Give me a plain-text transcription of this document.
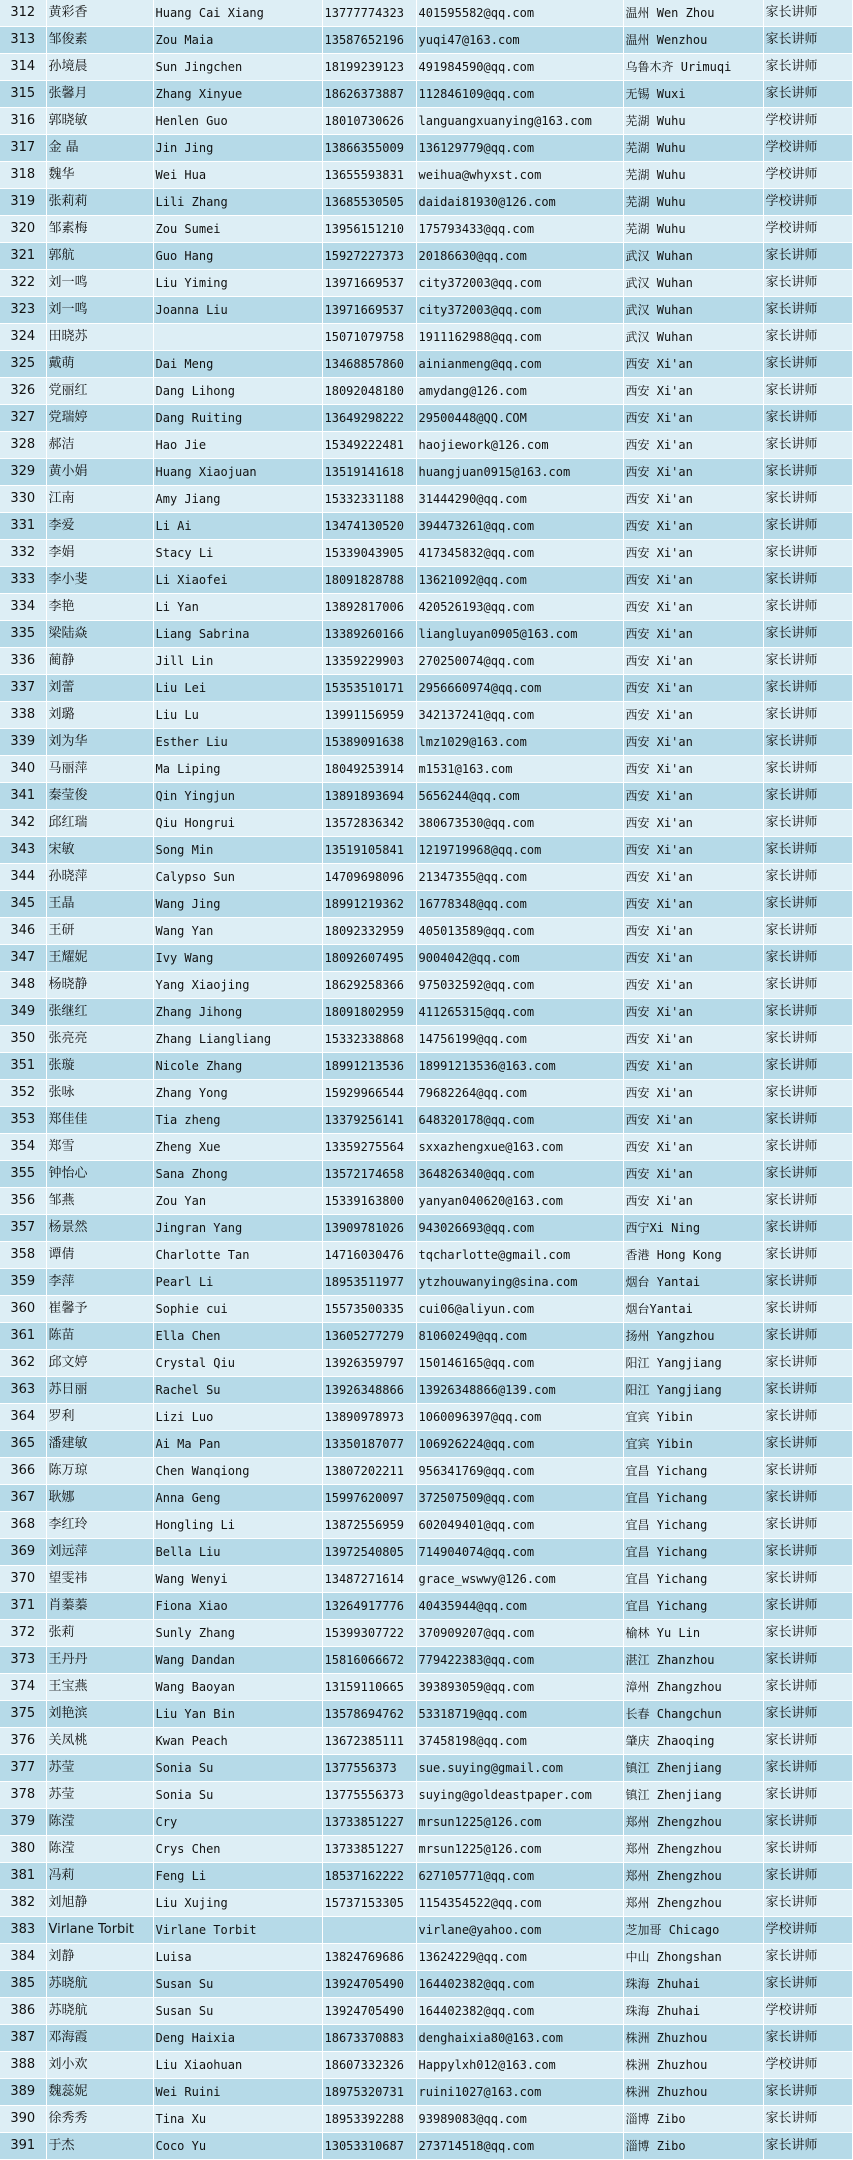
312	黄彩香	Huang Cai Xiang	13777774323	401595582@qq.com	温州 Wen Zhou	家长讲师
313	邹俊素	Zou Maia	13587652196	yuqi47@163.com	温州 Wenzhou	家长讲师
314	孙境晨	Sun Jingchen	18199239123	491984590@qq.com	乌鲁木齐 Urimuqi	家长讲师
315	张馨月	Zhang Xinyue	18626373887	112846109@qq.com	无锡 Wuxi	家长讲师
316	郭晓敏	Henlen Guo	18010730626	languangxuanying@163.com	芜湖 Wuhu	学校讲师
317	金 晶	Jin Jing	13866355009	136129779@qq.com	芜湖 Wuhu	学校讲师
318	魏华	Wei Hua	13655593831	weihua@whyxst.com	芜湖 Wuhu	学校讲师
319	张莉莉	Lili Zhang	13685530505	daidai81930@126.com	芜湖 Wuhu	学校讲师
320	邹素梅	Zou Sumei	13956151210	175793433@qq.com	芜湖 Wuhu	学校讲师
321	郭航	Guo Hang	15927227373	20186630@qq.com	武汉 Wuhan	家长讲师
322	刘一鸣	Liu Yiming	13971669537	city372003@qq.com	武汉 Wuhan	家长讲师
323	刘一鸣	Joanna Liu	13971669537	city372003@qq.com	武汉 Wuhan	家长讲师
324	田晓苏		15071079758	1911162988@qq.com	武汉 Wuhan	家长讲师
325	戴萌	Dai Meng	13468857860	ainianmeng@qq.com	西安 Xi'an	家长讲师
326	党丽红	Dang Lihong	18092048180	amydang@126.com	西安 Xi'an	家长讲师
327	党瑞婷	Dang Ruiting	13649298222	29500448@QQ.COM	西安 Xi'an	家长讲师
328	郝洁	Hao Jie	15349222481	haojiework@126.com	西安 Xi'an	家长讲师
329	黄小娟	Huang Xiaojuan	13519141618	huangjuan0915@163.com	西安 Xi'an	家长讲师
330	江南	Amy Jiang	15332331188	31444290@qq.com	西安 Xi'an	家长讲师
331	李爱	Li Ai	13474130520	394473261@qq.com	西安 Xi'an	家长讲师
332	李娟	Stacy Li	15339043905	417345832@qq.com	西安 Xi'an	家长讲师
333	李小斐	Li Xiaofei	18091828788	13621092@qq.com	西安 Xi'an	家长讲师
334	李艳	Li Yan	13892817006	420526193@qq.com	西安 Xi'an	家长讲师
335	梁陆焱	Liang Sabrina	13389260166	liangluyan0905@163.com	西安 Xi'an	家长讲师
336	蔺静	Jill Lin	13359229903	270250074@qq.com	西安 Xi'an	家长讲师
337	刘蕾	Liu Lei	15353510171	2956660974@qq.com	西安 Xi'an	家长讲师
338	刘璐	Liu Lu	13991156959	342137241@qq.com	西安 Xi'an	家长讲师
339	刘为华	Esther Liu	15389091638	lmz1029@163.com	西安 Xi'an	家长讲师
340	马丽萍	Ma Liping	18049253914	m1531@163.com	西安 Xi'an	家长讲师
341	秦莹俊	Qin Yingjun	13891893694	5656244@qq.com	西安 Xi'an	家长讲师
342	邱红瑞	Qiu Hongrui	13572836342	380673530@qq.com	西安 Xi'an	家长讲师
343	宋敏	Song Min	13519105841	1219719968@qq.com	西安 Xi'an	家长讲师
344	孙晓萍	Calypso Sun	14709698096	21347355@qq.com	西安 Xi'an	家长讲师
345	王晶	Wang Jing	18991219362	16778348@qq.com	西安 Xi'an	家长讲师
346	王研	Wang Yan	18092332959	405013589@qq.com	西安 Xi'an	家长讲师
347	王耀妮	Ivy Wang	18092607495	9004042@qq.com	西安 Xi'an	家长讲师
348	杨晓静	Yang Xiaojing	18629258366	975032592@qq.com	西安 Xi'an	家长讲师
349	张继红	Zhang Jihong	18091802959	411265315@qq.com	西安 Xi'an	家长讲师
350	张亮亮	Zhang Liangliang	15332338868	14756199@qq.com	西安 Xi'an	家长讲师
351	张璇	Nicole Zhang	18991213536	18991213536@163.com	西安 Xi'an	家长讲师
352	张咏	Zhang Yong	15929966544	79682264@qq.com	西安 Xi'an	家长讲师
353	郑佳佳	Tia zheng	13379256141	648320178@qq.com	西安 Xi'an	家长讲师
354	郑雪	Zheng Xue	13359275564	sxxazhengxue@163.com	西安 Xi'an	家长讲师
355	钟怡心	Sana Zhong	13572174658	364826340@qq.com	西安 Xi'an	家长讲师
356	邹燕	Zou Yan	15339163800	yanyan040620@163.com	西安 Xi'an	家长讲师
357	杨景然	Jingran Yang	13909781026	943026693@qq.com	西宁Xi Ning	家长讲师
358	谭倩	Charlotte Tan	14716030476	tqcharlotte@gmail.com	香港 Hong Kong	家长讲师
359	李萍	Pearl Li	18953511977	ytzhouwanying@sina.com	烟台 Yantai	家长讲师
360	崔馨予	Sophie cui	15573500335	cui06@aliyun.com	烟台Yantai	家长讲师
361	陈苗	Ella Chen	13605277279	81060249@qq.com	扬州 Yangzhou	家长讲师
362	邱文婷	Crystal Qiu	13926359797	150146165@qq.com	阳江 Yangjiang	家长讲师
363	苏日丽	Rachel Su	13926348866	13926348866@139.com	阳江 Yangjiang	家长讲师
364	罗利	Lizi Luo	13890978973	1060096397@qq.com	宜宾 Yibin	家长讲师
365	潘建敏	Ai Ma Pan	13350187077	106926224@qq.com	宜宾 Yibin	家长讲师
366	陈万琼	Chen Wanqiong	13807202211	956341769@qq.com	宜昌 Yichang	家长讲师
367	耿娜	Anna Geng	15997620097	372507509@qq.com	宜昌 Yichang	家长讲师
368	李红玲	Hongling Li	13872556959	602049401@qq.com	宜昌 Yichang	家长讲师
369	刘远萍	Bella Liu	13972540805	714904074@qq.com	宜昌 Yichang	家长讲师
370	望雯祎	Wang Wenyi	13487271614	grace_wswwy@126.com	宜昌 Yichang	家长讲师
371	肖蓁蓁	Fiona Xiao	13264917776	40435944@qq.com	宜昌 Yichang	家长讲师
372	张莉	Sunly Zhang	15399307722	370909207@qq.com	榆林 Yu Lin	家长讲师
373	王丹丹	Wang Dandan	15816066672	779422383@qq.com	湛江 Zhanzhou	家长讲师
374	王宝燕	Wang Baoyan	13159110665	393893059@qq.com	漳州 Zhangzhou	家长讲师
375	刘艳滨	Liu Yan Bin	13578694762	53318719@qq.com	长春 Changchun	家长讲师
376	关凤桃	Kwan Peach	13672385111	37458198@qq.com	肇庆 Zhaoqing	家长讲师
377	苏莹	Sonia Su	1377556373	sue.suying@gmail.com	镇江 Zhenjiang	家长讲师
378	苏莹	Sonia Su	13775556373	suying@goldeastpaper.com	镇江 Zhenjiang	家长讲师
379	陈滢	Cry	13733851227	mrsun1225@126.com	郑州 Zhengzhou	家长讲师
380	陈滢	Crys Chen	13733851227	mrsun1225@126.com	郑州 Zhengzhou	家长讲师
381	冯莉	Feng Li	18537162222	627105771@qq.com	郑州 Zhengzhou	家长讲师
382	刘旭静	Liu Xujing	15737153305	1154354522@qq.com	郑州 Zhengzhou	家长讲师
383	Virlane Torbit	Virlane Torbit		virlane@yahoo.com	芝加哥 Chicago	学校讲师
384	刘静	Luisa	13824769686	13624229@qq.com	中山 Zhongshan	家长讲师
385	苏晓航	Susan Su	13924705490	164402382@qq.com	珠海 Zhuhai	家长讲师
386	苏晓航	Susan Su	13924705490	164402382@qq.com	珠海 Zhuhai	学校讲师
387	邓海霞	Deng Haixia	18673370883	denghaixia80@163.com	株洲 Zhuzhou	家长讲师
388	刘小欢	Liu Xiaohuan	18607332326	Happylxh012@163.com	株洲 Zhuzhou	学校讲师
389	魏蕊妮	Wei Ruini	18975320731	ruini1027@163.com	株洲 Zhuzhou	家长讲师
390	徐秀秀	Tina Xu	18953392288	93989083@qq.com	淄博 Zibo	家长讲师
391	于杰	Coco Yu	13053310687	273714518@qq.com	淄博 Zibo	家长讲师
